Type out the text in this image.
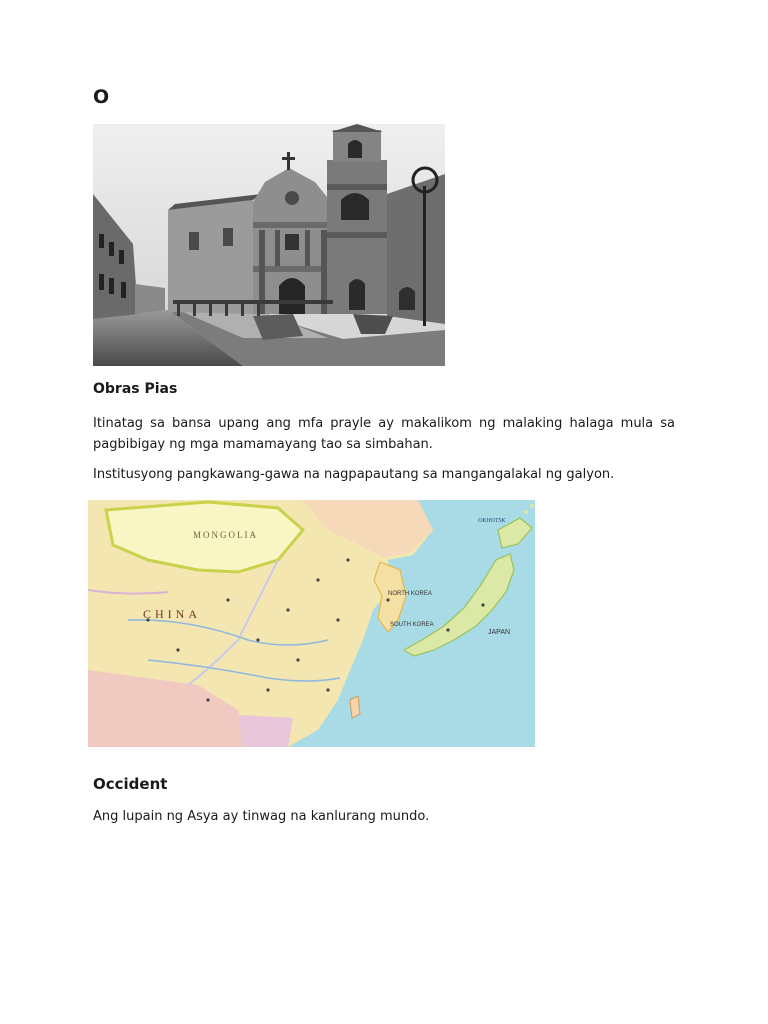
O

Obras Pias

Itinatag sa bansa upang ang mfa prayle ay makalikom ng malaking halaga mula sa pagbibigay ng mga mamamayang tao sa simbahan.

Institusyong pangkawang-gawa na nagpapautang sa mangangalakal ng galyon.

CHINA
MONGOLIA
NORTH KOREA
SOUTH KOREA
JAPAN
OKHOTSK
Occident

Ang lupain ng Asya ay tinwag na kanlurang mundo.
